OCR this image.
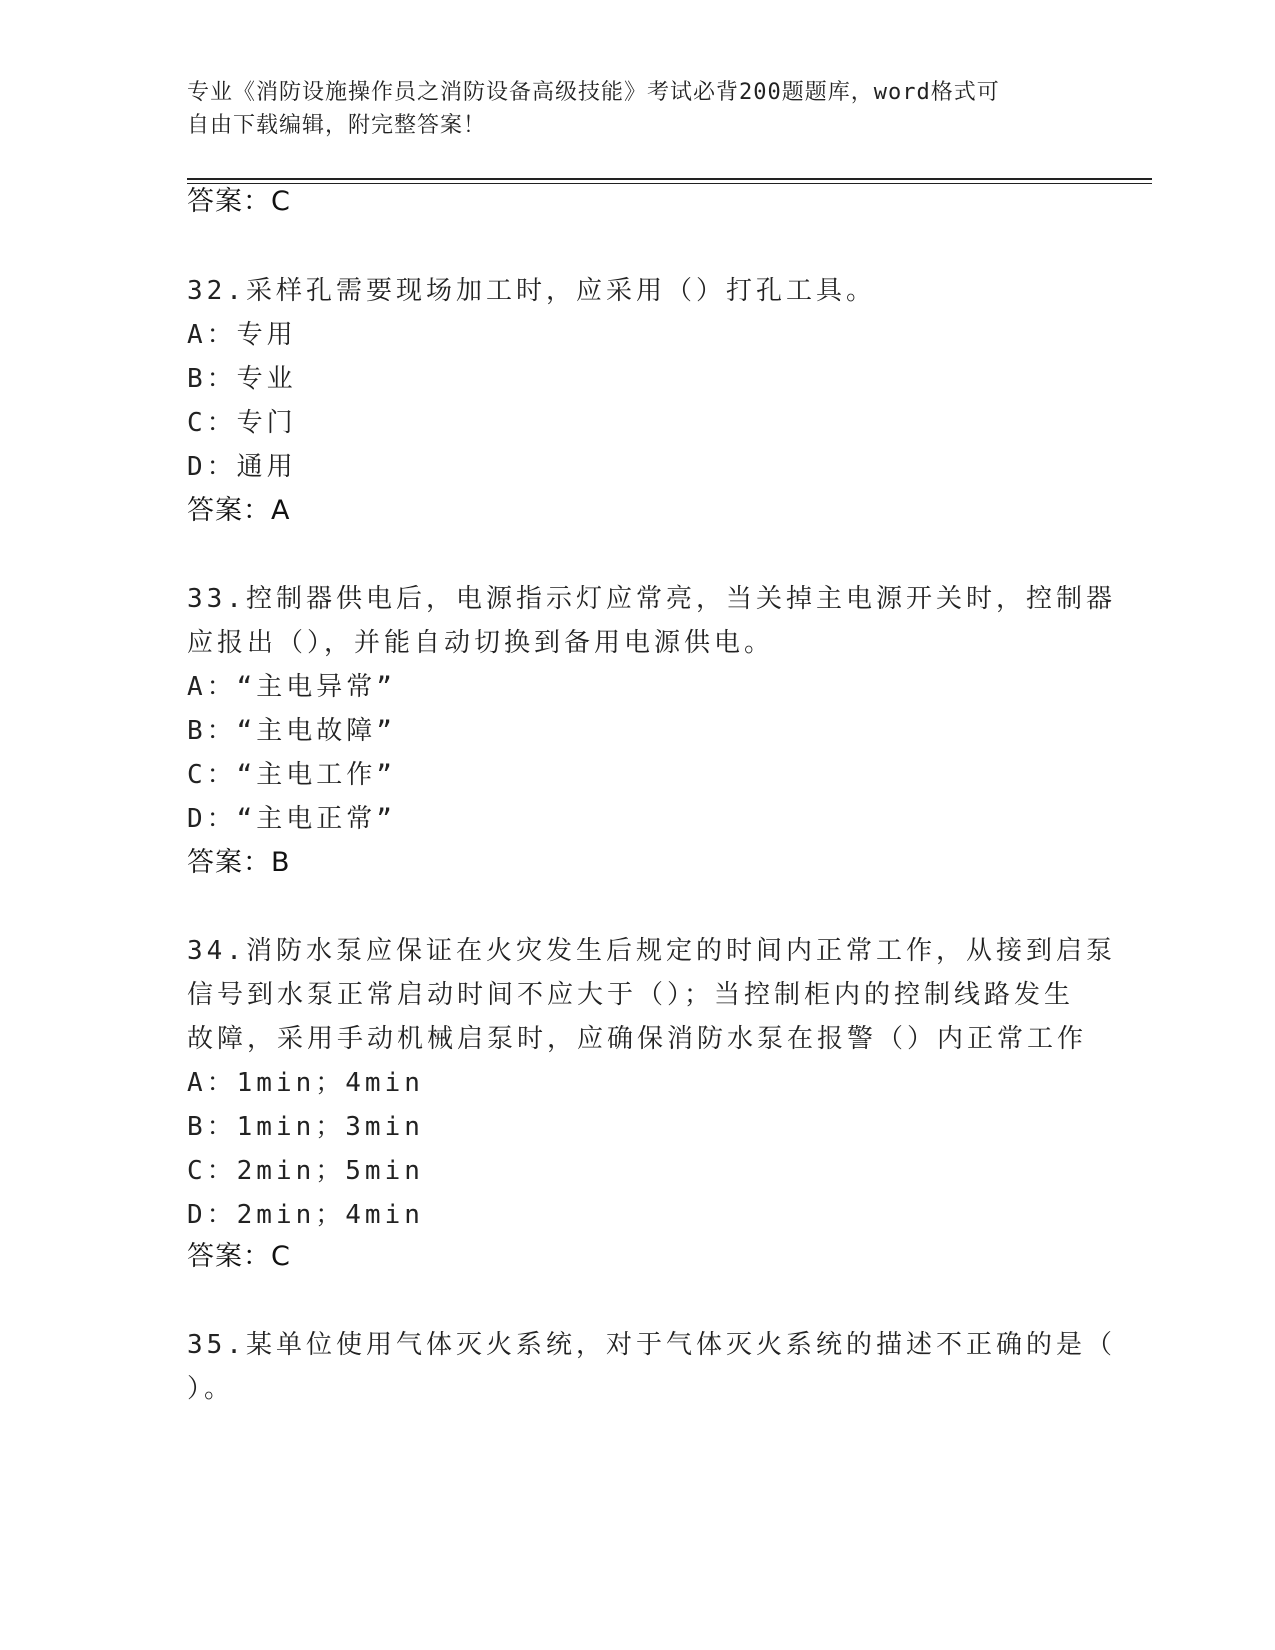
专业《消防设施操作员之消防设备高级技能》考试必背200题题库，word格式可
自由下载编辑，附完整答案！
答案：C
32.采样孔需要现场加工时，应采用（）打孔工具。
A：专用
B：专业
C：专门
D：通用
答案：A
33.控制器供电后，电源指示灯应常亮，当关掉主电源开关时，控制器
应报出（），并能自动切换到备用电源供电。
A：“主电异常”
B：“主电故障”
C：“主电工作”
D：“主电正常”
答案：B
34.消防水泵应保证在火灾发生后规定的时间内正常工作，从接到启泵
信号到水泵正常启动时间不应大于（）；当控制柜内的控制线路发生
故障，采用手动机械启泵时，应确保消防水泵在报警（）内正常工作
A：1min；4min
B：1min；3min
C：2min；5min
D：2min；4min
答案：C
35.某单位使用气体灭火系统，对于气体灭火系统的描述不正确的是（
）。
